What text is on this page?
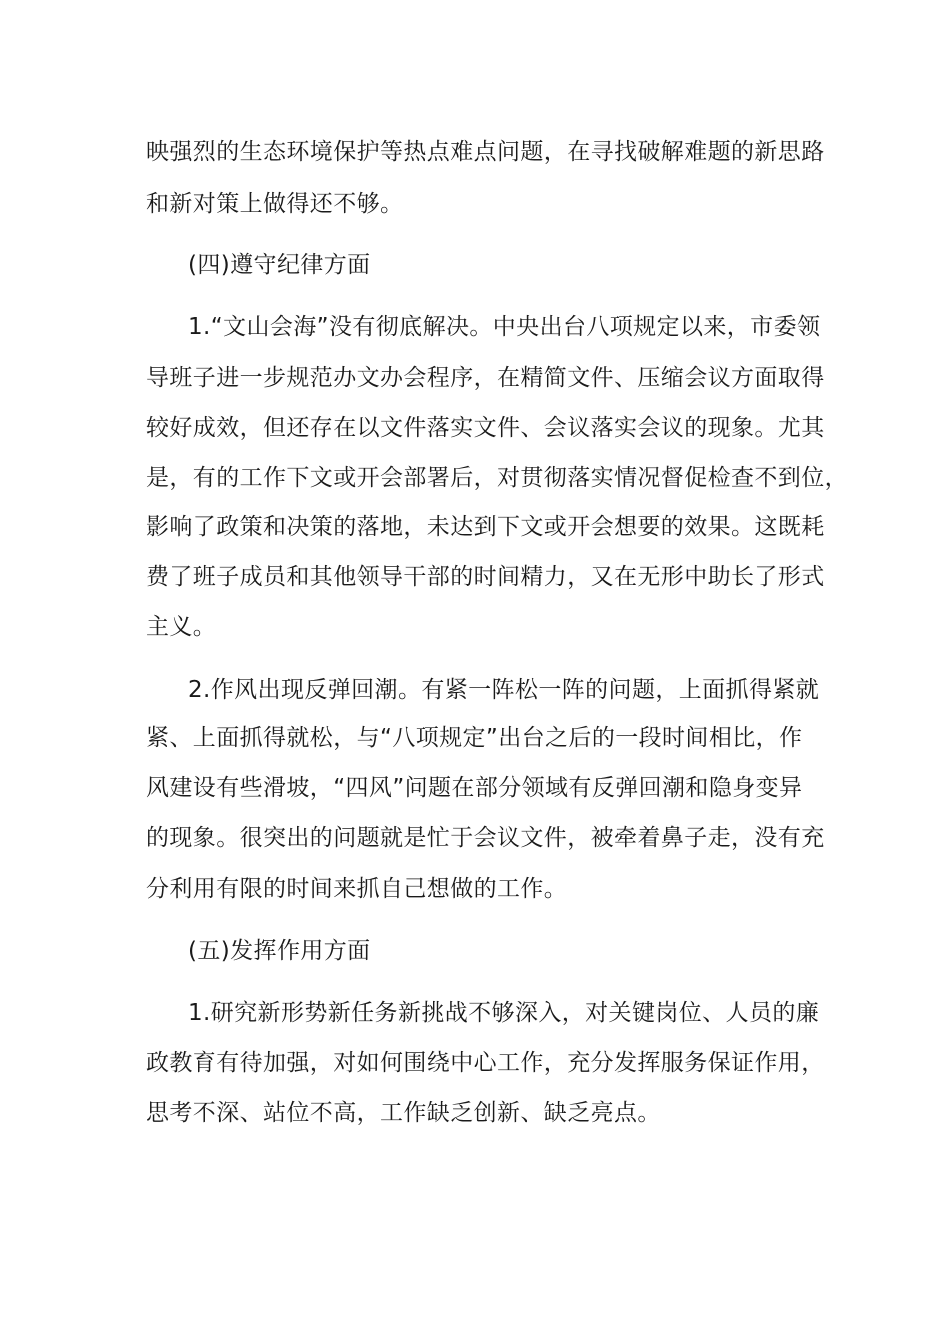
映强烈的生态环境保护等热点难点问题，在寻找破解难题的新思路
和新对策上做得还不够。
(四)遵守纪律方面
1.“文山会海”没有彻底解决。中央出台八项规定以来，市委领
导班子进一步规范办文办会程序，在精简文件、压缩会议方面取得
较好成效，但还存在以文件落实文件、会议落实会议的现象。尤其
是，有的工作下文或开会部署后，对贯彻落实情况督促检查不到位，
影响了政策和决策的落地，未达到下文或开会想要的效果。这既耗
费了班子成员和其他领导干部的时间精力，又在无形中助长了形式
主义。
2.作风出现反弹回潮。有紧一阵松一阵的问题，上面抓得紧就
紧、上面抓得就松，与“八项规定”出台之后的一段时间相比，作
风建设有些滑坡，“四风”问题在部分领域有反弹回潮和隐身变异
的现象。很突出的问题就是忙于会议文件，被牵着鼻子走，没有充
分利用有限的时间来抓自己想做的工作。
(五)发挥作用方面
1.研究新形势新任务新挑战不够深入，对关键岗位、人员的廉
政教育有待加强，对如何围绕中心工作，充分发挥服务保证作用，
思考不深、站位不高，工作缺乏创新、缺乏亮点。
